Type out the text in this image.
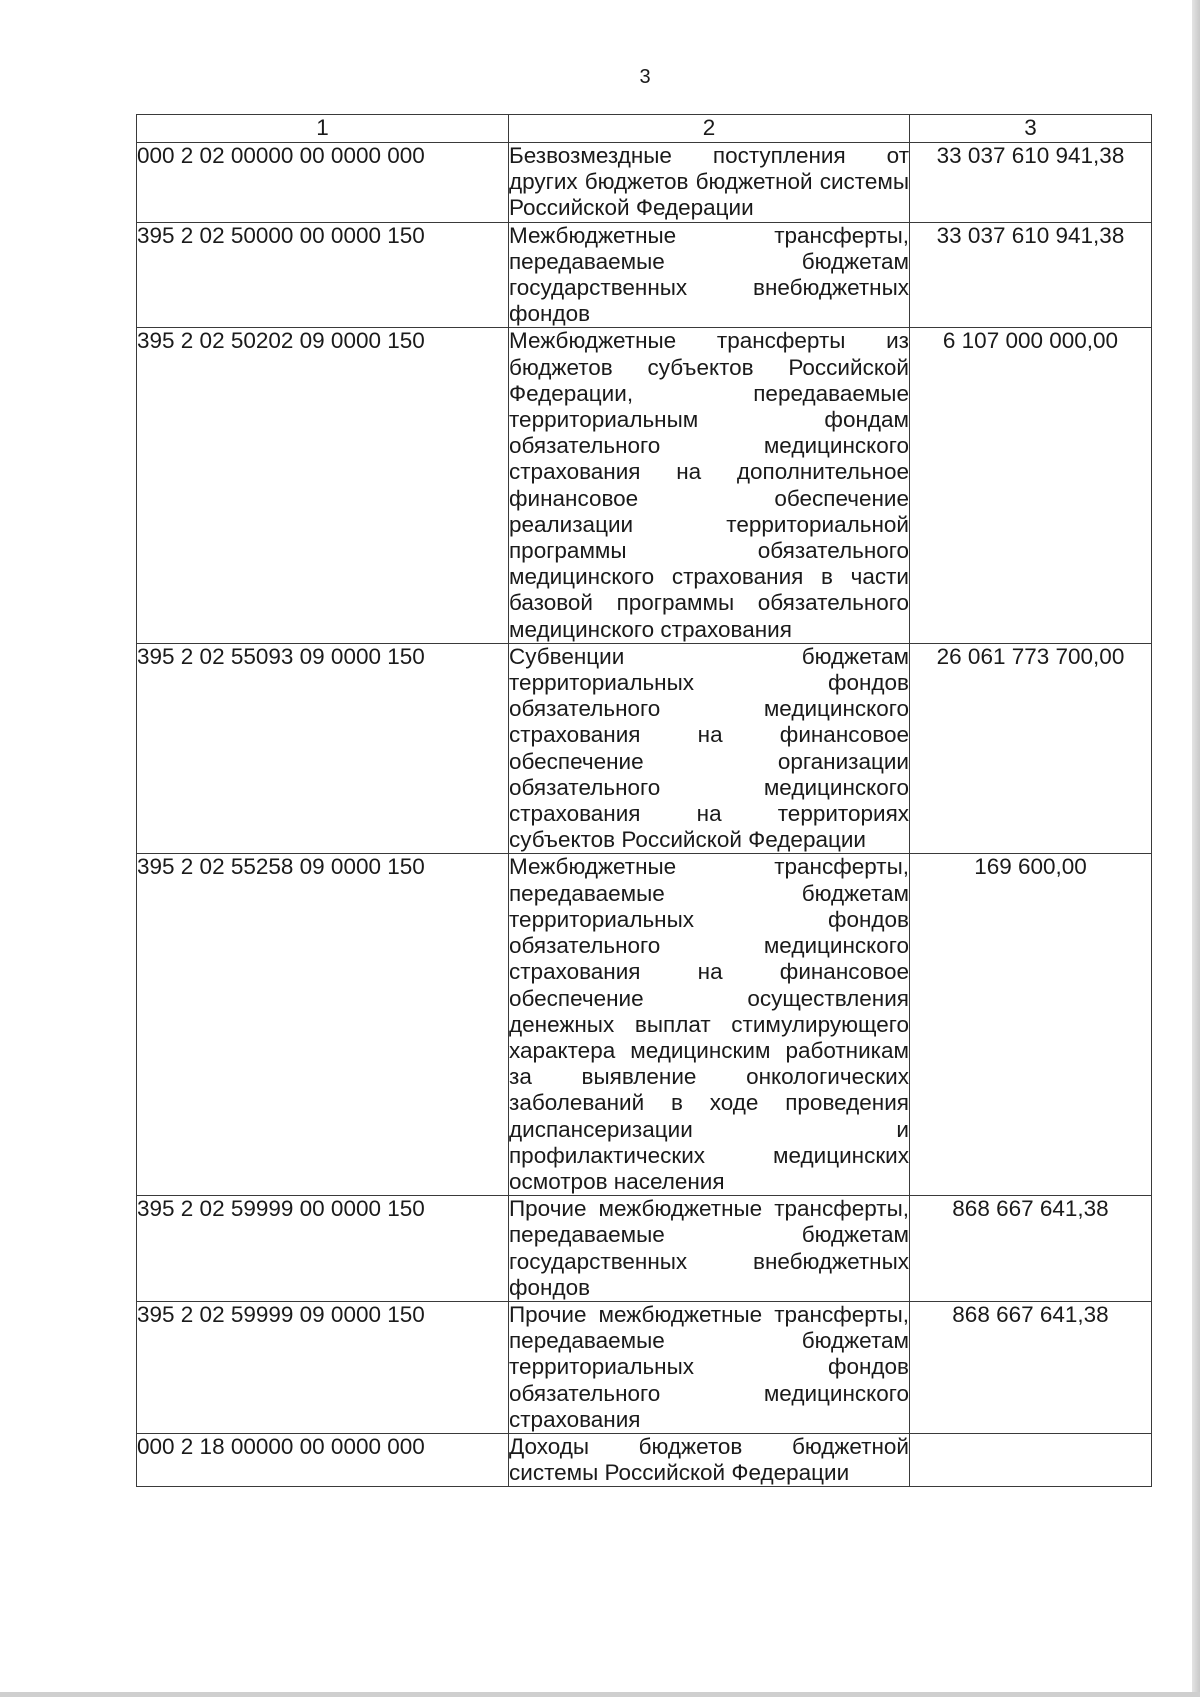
3
1	2	3
000 2 02 00000 00 0000 000	Безвозмездные поступления от других бюджетов бюджетной системы Российской Федерации	33 037 610 941,38
395 2 02 50000 00 0000 150	Межбюджетные трансферты, передаваемые бюджетам государственных внебюджетных фондов	33 037 610 941,38
395 2 02 50202 09 0000 150	Межбюджетные трансферты из бюджетов субъектов Российской Федерации, передаваемые территориальным фондам обязательного медицинского страхования на дополнительное финансовое обеспечение реализации территориальной программы обязательного медицинского страхования в части базовой программы обязательного медицинского страхования	6 107 000 000,00
395 2 02 55093 09 0000 150	Субвенции бюджетам территориальных фондов обязательного медицинского страхования на финансовое обеспечение организации обязательного медицинского страхования на территориях субъектов Российской Федерации	26 061 773 700,00
395 2 02 55258 09 0000 150	Межбюджетные трансферты, передаваемые бюджетам территориальных фондов обязательного медицинского страхования на финансовое обеспечение осуществления денежных выплат стимулирующего характера медицинским работникам за выявление онкологических заболеваний в ходе проведения диспансеризации и профилактических медицинских осмотров населения	169 600,00
395 2 02 59999 00 0000 150	Прочие межбюджетные трансферты, передаваемые бюджетам государственных внебюджетных фондов	868 667 641,38
395 2 02 59999 09 0000 150	Прочие межбюджетные трансферты, передаваемые бюджетам территориальных фондов обязательного медицинского страхования	868 667 641,38
000 2 18 00000 00 0000 000	Доходы бюджетов бюджетной системы Российской Федерации	
